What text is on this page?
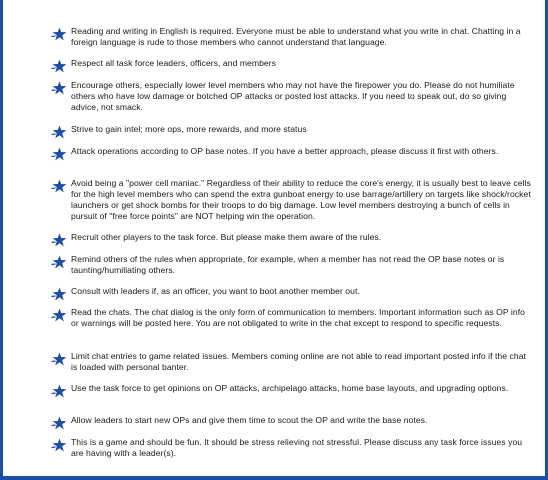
Reading and writing in English is required. Everyone must be able to understand what you write in chat. Chatting in a foreign language is rude to those members who cannot understand that language.

Respect all task force leaders, officers, and members

Encourage others, especially lower level members who may not have the firepower you do. Please do not humiliate others who have low damage or botched OP attacks or posted lost attacks. If you need to speak out, do so giving advice, not smack.

Strive to gain intel; more ops, more rewards, and more status

Attack operations according to OP base notes. If you have a better approach, please discuss it first with others.

Avoid being a "power cell maniac." Regardless of their ability to reduce the core's energy, it is usually best to leave cells for the high level members who can spend the extra gunboat energy to use barrage/artillery on targets like shock/rocket launchers or get shock bombs for their troops to do big damage. Low level members destroying a bunch of cells in pursuit of "free force points" are NOT helping win the operation.

Recruit other players to the task force. But please make them aware of the rules.

Remind others of the rules when appropriate, for example, when a member has not read the OP base notes or is taunting/humiliating others.

Consult with leaders if, as an officer, you want to boot another member out.

Read the chats. The chat dialog is the only form of communication to members. Important information such as OP info or warnings will be posted here. You are not obligated to write in the chat except to respond to specific requests.

Limit chat entries to game related issues. Members coming online are not able to read important posted info if the chat is loaded with personal banter.

Use the task force to get opinions on OP attacks, archipelago attacks, home base layouts, and upgrading options.

Allow leaders to start new OPs and give them time to scout the OP and write the base notes.

This is a game and should be fun. It should be stress relieving not stressful. Please discuss any task force issues you are having with a leader(s).
